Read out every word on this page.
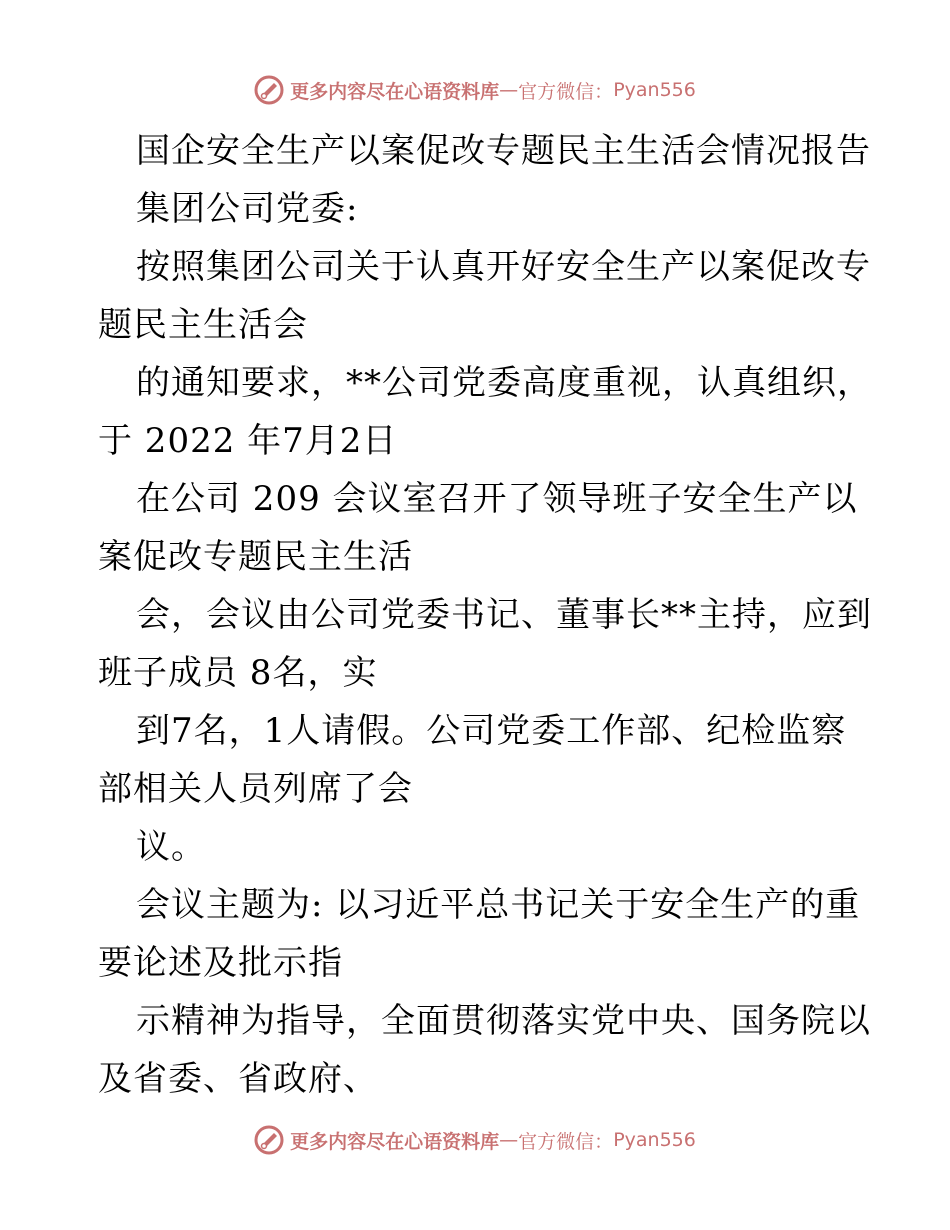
更多内容尽在心语资料库 — 官方微信： Pyan556
国企安全生产以案促改专题民主生活会情况报告
集团公司党委:
按照集团公司关于认真开好安全生产以案促改专
题民主生活会
的通知要求，**公司党委高度重视，认真组织，
于 2022 年7月2日
在公司 209 会议室召开了领导班子安全生产以
案促改专题民主生活
会，会议由公司党委书记、董事长**主持，应到
班子成员 8名，实
到7名，1人请假。公司党委工作部、纪检监察
部相关人员列席了会
议。
会议主题为: 以习近平总书记关于安全生产的重
要论述及批示指
示精神为指导，全面贯彻落实党中央、国务院以
及省委、省政府、
更多内容尽在心语资料库 — 官方微信： Pyan556
